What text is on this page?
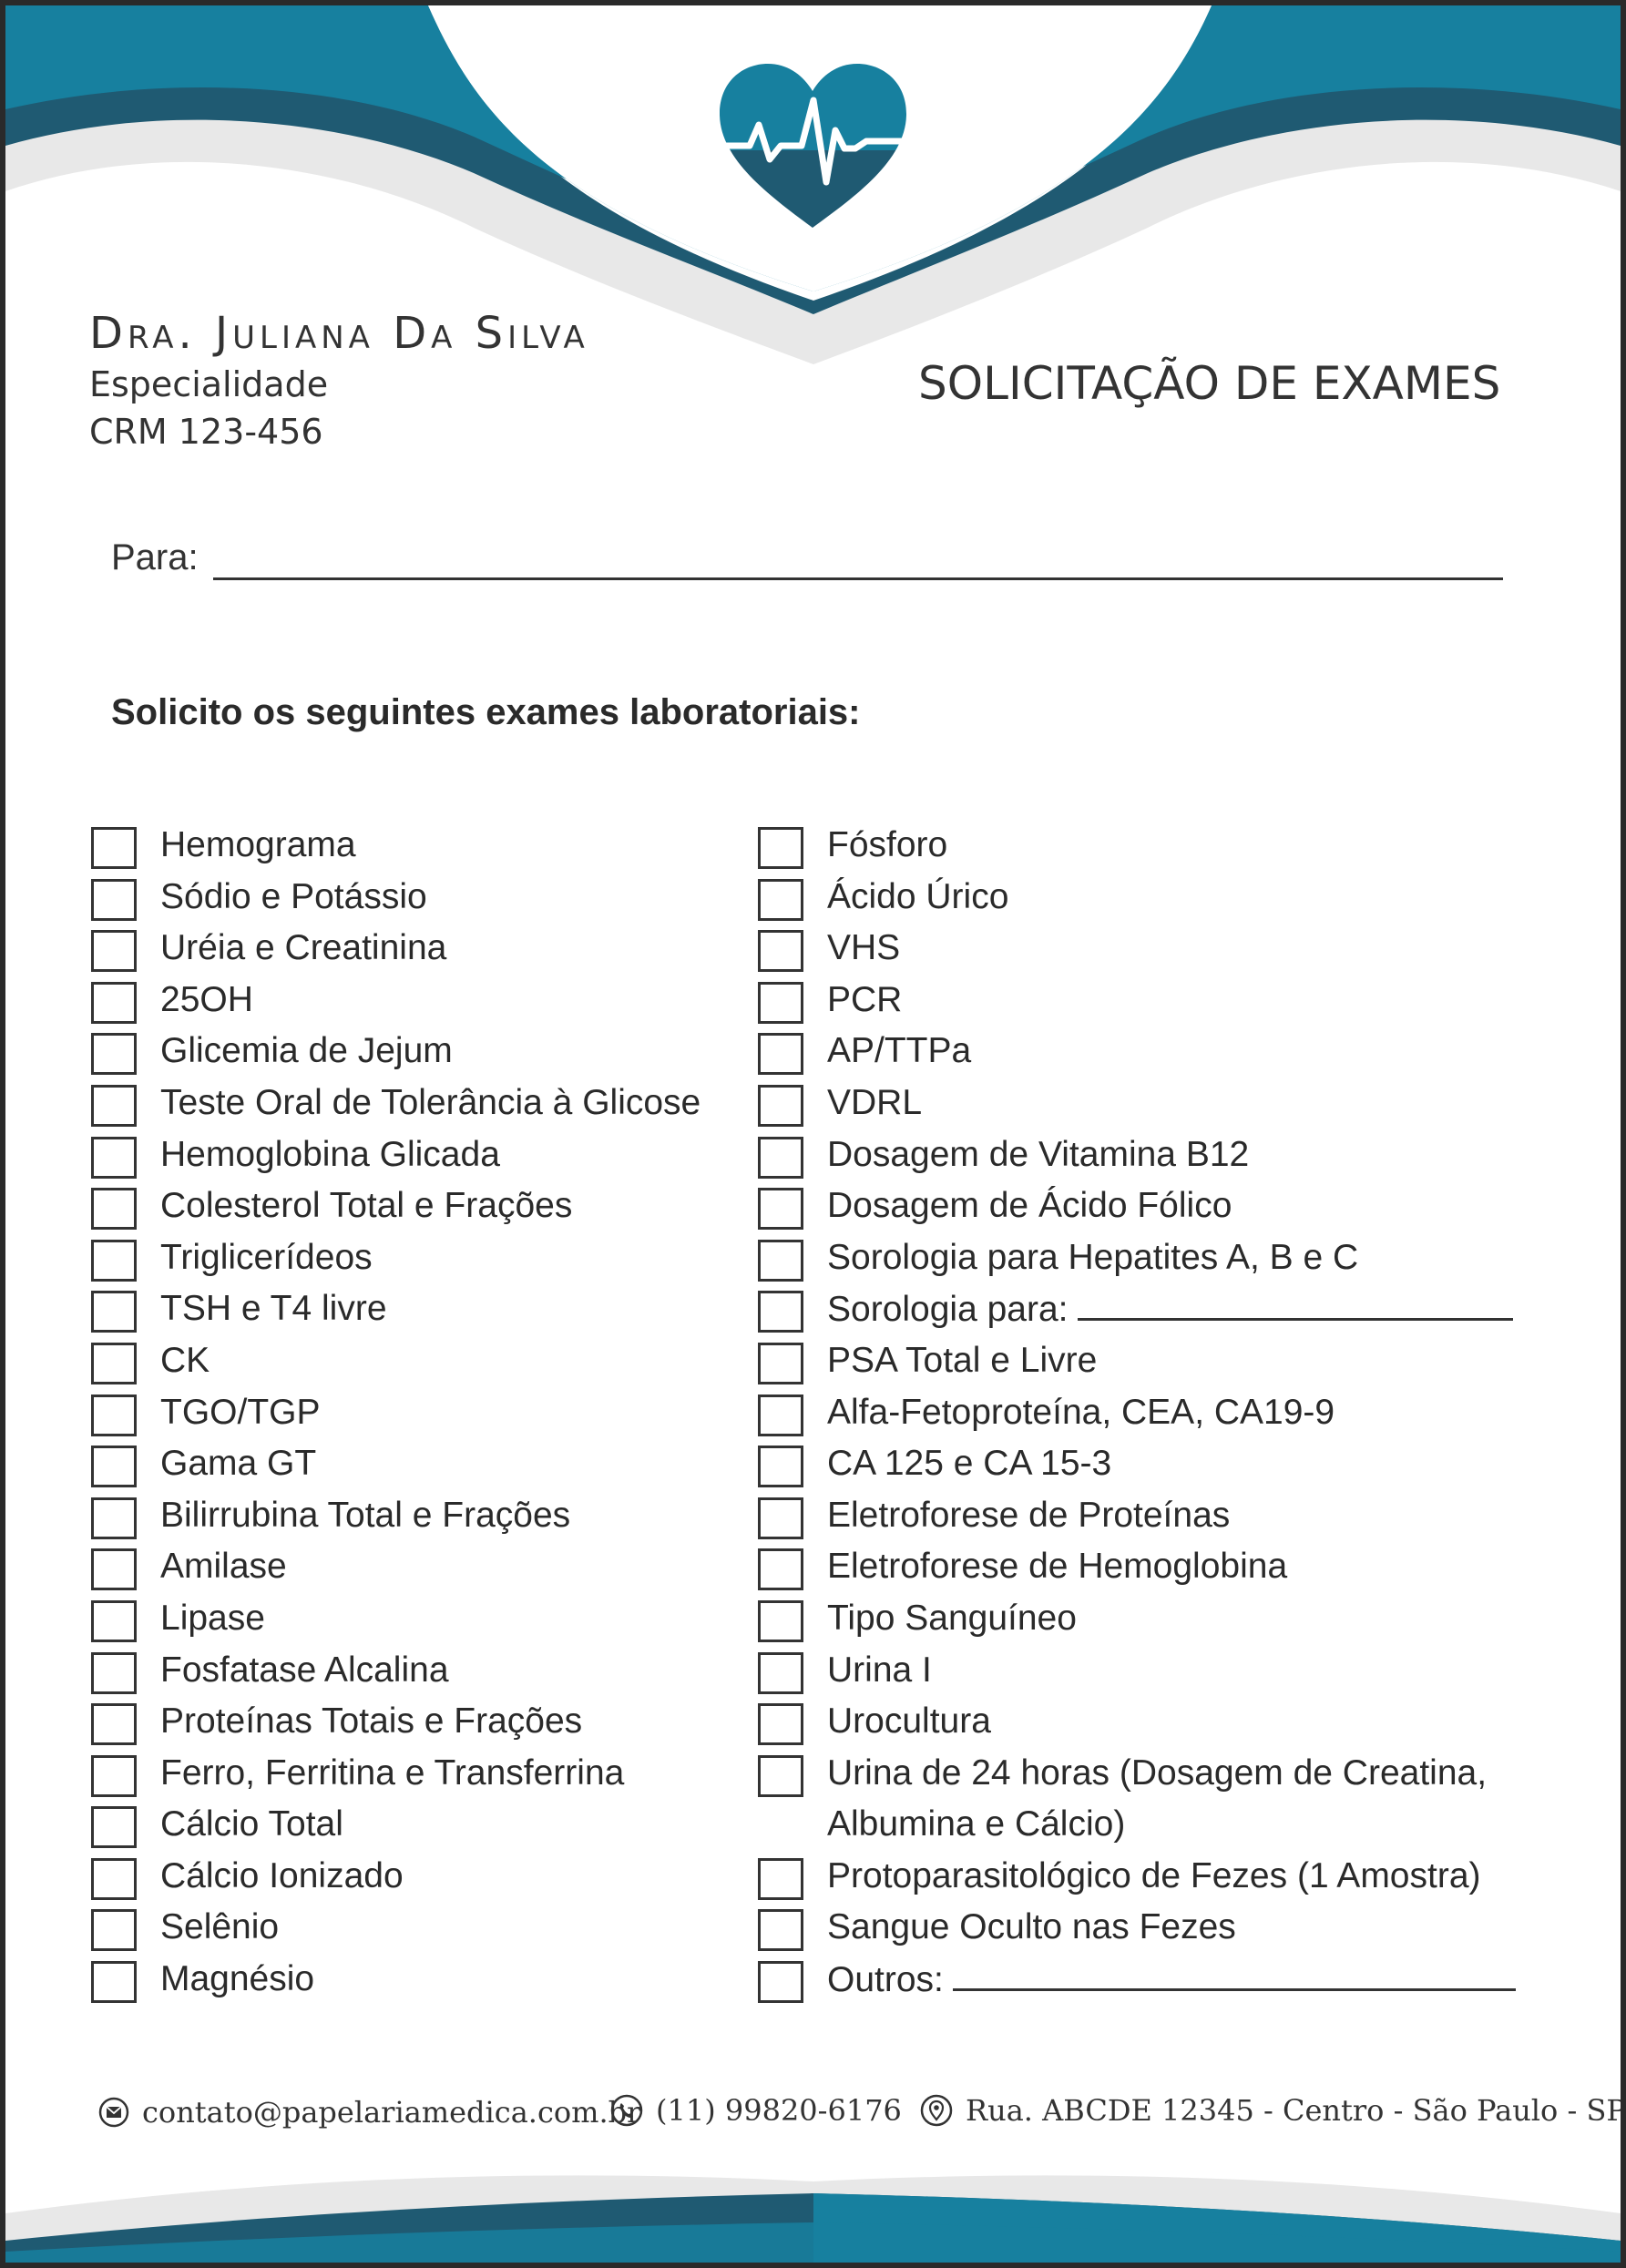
Dra. Juliana Da Silva
Especialidade
CRM 123-456
SOLICITAÇÃO DE EXAMES
Para:
Solicito os seguintes exames laboratoriais:
Hemograma
Sódio e Potássio
Uréia e Creatinina
25OH
Glicemia de Jejum
Teste Oral de Tolerância à Glicose
Hemoglobina Glicada
Colesterol Total e Frações
Triglicerídeos
TSH e T4 livre
CK
TGO/TGP
Gama GT
Bilirrubina Total e Frações
Amilase
Lipase
Fosfatase Alcalina
Proteínas Totais e Frações
Ferro, Ferritina e Transferrina
Cálcio Total
Cálcio Ionizado
Selênio
Magnésio
Fósforo
Ácido Úrico
VHS
PCR
AP/TTPa
VDRL
Dosagem de Vitamina B12
Dosagem de Ácido Fólico
Sorologia para Hepatites A, B e C
Sorologia para:
PSA Total e Livre
Alfa-Fetoproteína, CEA, CA19-9
CA 125 e CA 15-3
Eletroforese de Proteínas
Eletroforese de Hemoglobina
Tipo Sanguíneo
Urina I
Urocultura
Urina de 24 horas (Dosagem de Creatina,
Albumina e Cálcio)
Protoparasitológico de Fezes (1 Amostra)
Sangue Oculto nas Fezes
Outros:
contato@papelariamedica.com.br (11) 99820-6176 Rua. ABCDE 12345 - Centro - São Paulo - SP
